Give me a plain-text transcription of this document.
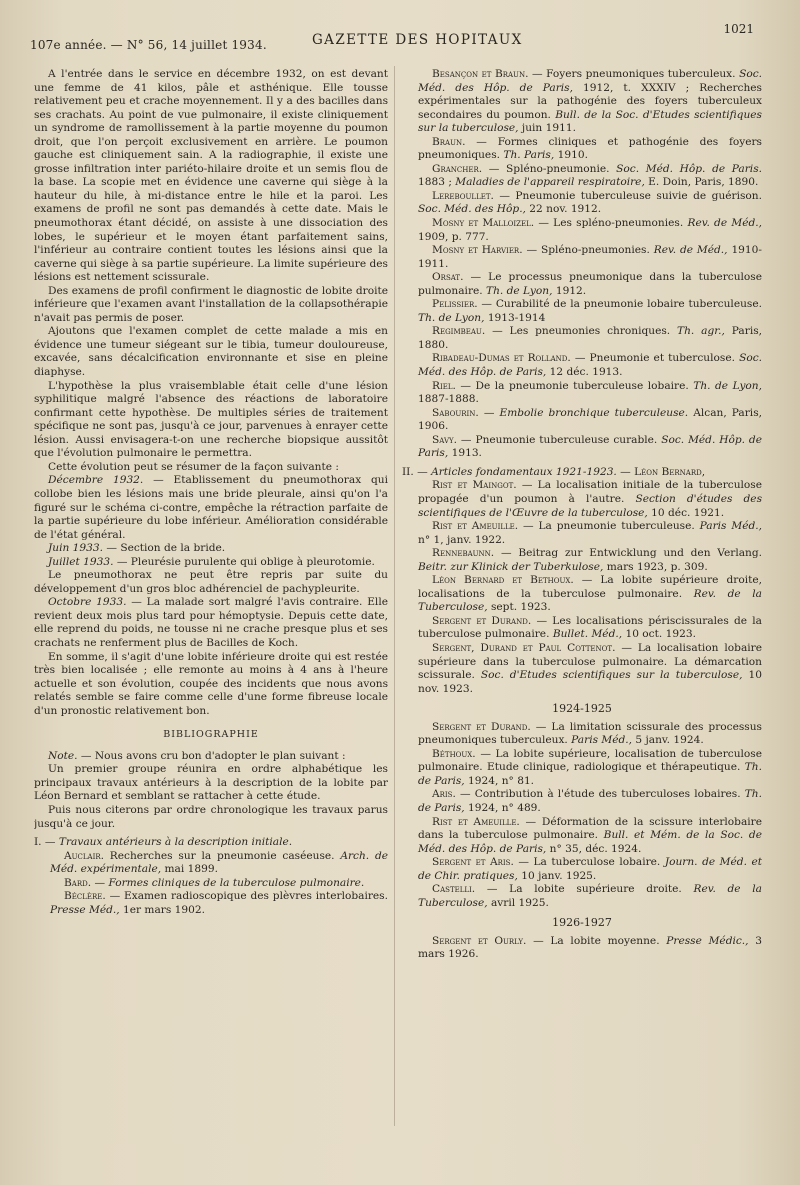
107e année. — N° 56, 14 juillet 1934.	GAZETTE DES HOPITAUX
1021

A l'entrée dans le service en décembre 1932, on est devant une femme de 41 kilos, pâle et asthénique. Elle tousse relativement peu et crache moyennement. Il y a des bacilles dans ses crachats. Au point de vue pulmonaire, il existe cliniquement un syndrome de ramollissement à la partie moyenne du poumon droit, que l'on perçoit exclusivement en arrière. Le poumon gauche est cliniquement sain. A la radiographie, il existe une grosse infiltration inter pariéto-hilaire droite et un semis flou de la base. La scopie met en évidence une caverne qui siège à la hauteur du hile, à mi-distance entre le hile et la paroi. Les examens de profil ne sont pas demandés à cette date. Mais le pneumothorax étant décidé, on assiste à une dissociation des lobes, le supérieur et le moyen étant parfaitement sains, l'inférieur au contraire contient toutes les lésions ainsi que la caverne qui siège à sa partie supérieure. La limite supérieure des lésions est nettement scissurale.

Des examens de profil confirment le diagnostic de lobite droite inférieure que l'examen avant l'installation de la collapsothérapie n'avait pas permis de poser.

Ajoutons que l'examen complet de cette malade a mis en évidence une tumeur siégeant sur le tibia, tumeur douloureuse, excavée, sans décalcification environnante et sise en pleine diaphyse.

L'hypothèse la plus vraisemblable était celle d'une lésion syphilitique malgré l'absence des réactions de laboratoire confirmant cette hypothèse. De multiples séries de traitement spécifique ne sont pas, jusqu'à ce jour, parvenues à enrayer cette lésion. Aussi envisagera-t-on une recherche biopsique aussitôt que l'évolution pulmonaire le permettra.

Cette évolution peut se résumer de la façon suivante :

Décembre 1932. — Etablissement du pneumothorax qui collobe bien les lésions mais une bride pleurale, ainsi qu'on l'a figuré sur le schéma ci-contre, empêche la rétraction parfaite de la partie supérieure du lobe inférieur. Amélioration considérable de l'état général.

Juin 1933. — Section de la bride.

Juillet 1933. — Pleurésie purulente qui oblige à pleurotomie.

Le pneumothorax ne peut être repris par suite du développement d'un gros bloc adhérenciel de pachypleurite.

Octobre 1933. — La malade sort malgré l'avis contraire. Elle revient deux mois plus tard pour hémoptysie. Depuis cette date, elle reprend du poids, ne tousse ni ne crache presque plus et ses crachats ne renferment plus de Bacilles de Koch.

En somme, il s'agit d'une lobite inférieure droite qui est restée très bien localisée ; elle remonte au moins à 4 ans à l'heure actuelle et son évolution, coupée des incidents que nous avons relatés semble se faire comme celle d'une forme fibreuse locale d'un pronostic relativement bon.

BIBLIOGRAPHIE

Note. — Nous avons cru bon d'adopter le plan suivant :

Un premier groupe réunira en ordre alphabétique les principaux travaux antérieurs à la description de la lobite par Léon Bernard et semblant se rattacher à cette étude.

Puis nous citerons par ordre chronologique les travaux parus jusqu'à ce jour.

I. — Travaux antérieurs à la description initiale.

Auclair. Recherches sur la pneumonie caséeuse. Arch. de Méd. expérimentale, mai 1899.

Bard. — Formes cliniques de la tuberculose pulmonaire.

Béclère. — Examen radioscopique des plèvres interlobaires. Presse Méd., 1er mars 1902.

Besançon et Braun. — Foyers pneumoniques tuberculeux. Soc. Méd. des Hôp. de Paris, 1912, t. XXXIV ; Recherches expérimentales sur la pathogénie des foyers tuberculeux secondaires du poumon. Bull. de la Soc. d'Etudes scientifiques sur la tuberculose, juin 1911.

Braun. — Formes cliniques et pathogénie des foyers pneumoniques. Th. Paris, 1910.

Grancher. — Spléno-pneumonie. Soc. Méd. Hôp. de Paris. 1883 ; Maladies de l'appareil respiratoire, E. Doin, Paris, 1890.

Lereboullet. — Pneumonie tuberculeuse suivie de guérison. Soc. Méd. des Hôp., 22 nov. 1912.

Mosny et Malloizel. — Les spléno-pneumonies. Rev. de Méd., 1909, p. 777.

Mosny et Harvier. — Spléno-pneumonies. Rev. de Méd., 1910-1911.

Orsat. — Le processus pneumonique dans la tuberculose pulmonaire. Th. de Lyon, 1912.

Pelissier. — Curabilité de la pneumonie lobaire tuberculeuse. Th. de Lyon, 1913-1914

Regimbeau. — Les pneumonies chroniques. Th. agr., Paris, 1880.

Ribadeau-Dumas et Rolland. — Pneumonie et tuberculose. Soc. Méd. des Hôp. de Paris, 12 déc. 1913.

Riel. — De la pneumonie tuberculeuse lobaire. Th. de Lyon, 1887-1888.

Sabourin. — Embolie bronchique tuberculeuse. Alcan, Paris, 1906.

Savy. — Pneumonie tuberculeuse curable. Soc. Méd. Hôp. de Paris, 1913.

II. — Articles fondamentaux 1921-1923. — Léon Bernard,

Rist et Maingot. — La localisation initiale de la tuberculose propagée d'un poumon à l'autre. Section d'études des scientifiques de l'Œuvre de la tuberculose, 10 déc. 1921.

Rist et Ameuille. — La pneumonie tuberculeuse. Paris Méd., n° 1, janv. 1922.

Rennebaunn. — Beitrag zur Entwicklung und den Verlang. Beitr. zur Klinick der Tuberkulose, mars 1923, p. 309.

Léon Bernard et Bethoux. — La lobite supérieure droite, localisations de la tuberculose pulmonaire. Rev. de la Tuberculose, sept. 1923.

Sergent et Durand. — Les localisations périscissurales de la tuberculose pulmonaire. Bullet. Méd., 10 oct. 1923.

Sergent, Durand et Paul Cottenot. — La localisation lobaire supérieure dans la tuberculose pulmonaire. La démarcation scissurale. Soc. d'Etudes scientifiques sur la tuberculose, 10 nov. 1923.

1924-1925

Sergent et Durand. — La limitation scissurale des processus pneumoniques tuberculeux. Paris Méd., 5 janv. 1924.

Béthoux. — La lobite supérieure, localisation de tuberculose pulmonaire. Etude clinique, radiologique et thérapeutique. Th. de Paris, 1924, n° 81.

Aris. — Contribution à l'étude des tuberculoses lobaires. Th. de Paris, 1924, n° 489.

Rist et Ameuille. — Déformation de la scissure interlobaire dans la tuberculose pulmonaire. Bull. et Mém. de la Soc. de Méd. des Hôp. de Paris, n° 35, déc. 1924.

Sergent et Aris. — La tuberculose lobaire. Journ. de Méd. et de Chir. pratiques, 10 janv. 1925.

Castelli. — La lobite supérieure droite. Rev. de la Tuberculose, avril 1925.

1926-1927

Sergent et Ourly. — La lobite moyenne. Presse Médic., 3 mars 1926.
